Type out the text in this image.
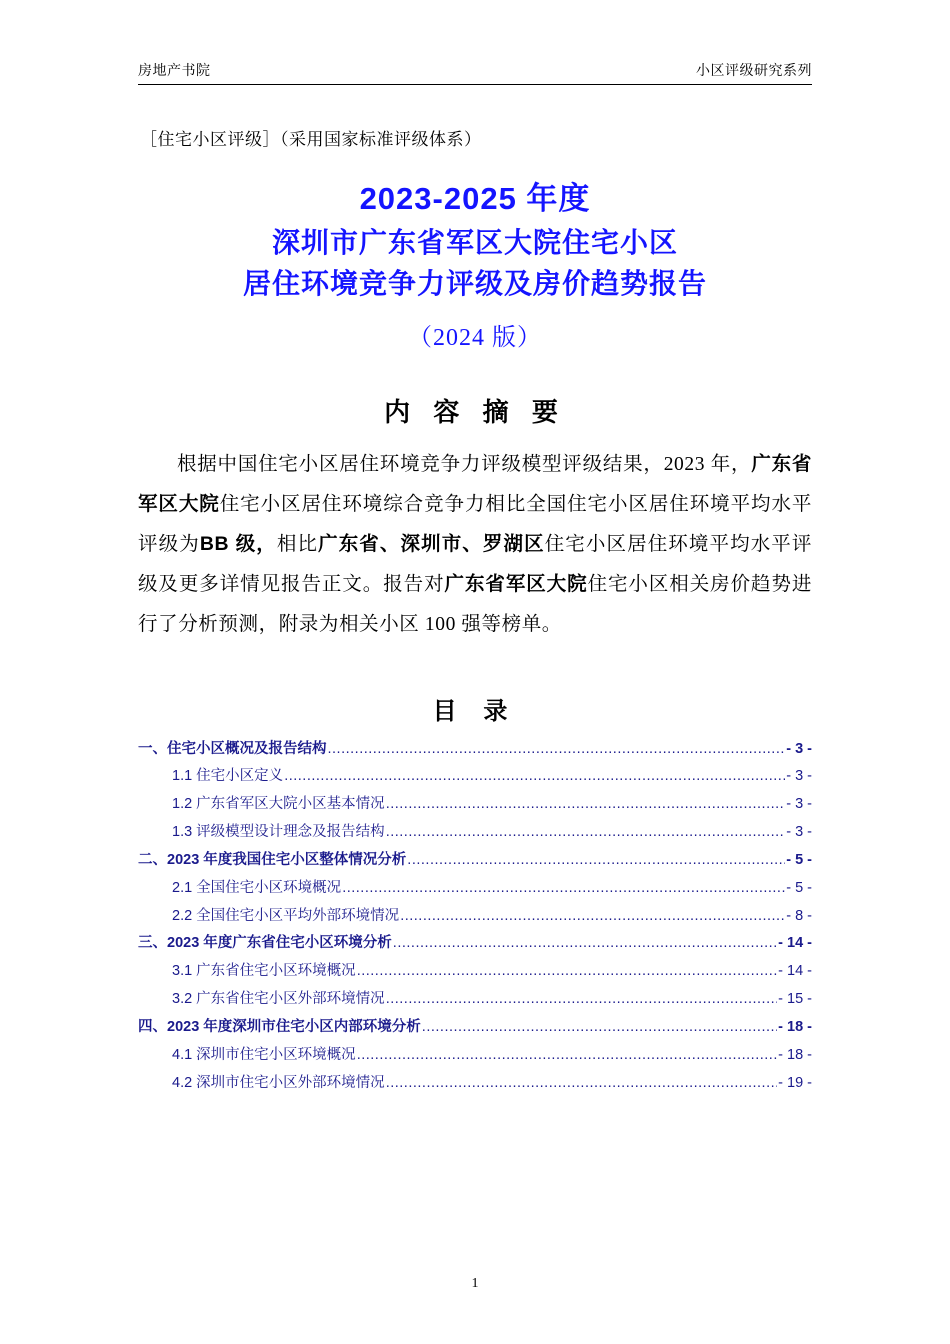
房地产书院	小区评级研究系列
［住宅小区评级］（采用国家标准评级体系）
2023-2025 年度
深圳市广东省军区大院住宅小区
居住环境竞争力评级及房价趋势报告
（2024 版）
内 容 摘 要
根据中国住宅小区居住环境竞争力评级模型评级结果，2023 年，广东省军区大院住宅小区居住环境综合竞争力相比全国住宅小区居住环境平均水平评级为BB 级，相比广东省、深圳市、罗湖区住宅小区居住环境平均水平评级及更多详情见报告正文。报告对广东省军区大院住宅小区相关房价趋势进行了分析预测，附录为相关小区 100 强等榜单。
目 录
一、住宅小区概况及报告结构 .....	- 3 -
1.1 住宅小区定义 .....	- 3 -
1.2 广东省军区大院小区基本情况 .....	- 3 -
1.3 评级模型设计理念及报告结构 .....	- 3 -
二、2023 年度我国住宅小区整体情况分析 .....	- 5 -
2.1 全国住宅小区环境概况 .....	- 5 -
2.2 全国住宅小区平均外部环境情况 .....	- 8 -
三、2023 年度广东省住宅小区环境分析 .....	- 14 -
3.1 广东省住宅小区环境概况 .....	- 14 -
3.2 广东省住宅小区外部环境情况 .....	- 15 -
四、2023 年度深圳市住宅小区内部环境分析 .....	- 18 -
4.1 深圳市住宅小区环境概况 .....	- 18 -
4.2 深圳市住宅小区外部环境情况 .....	- 19 -
1
